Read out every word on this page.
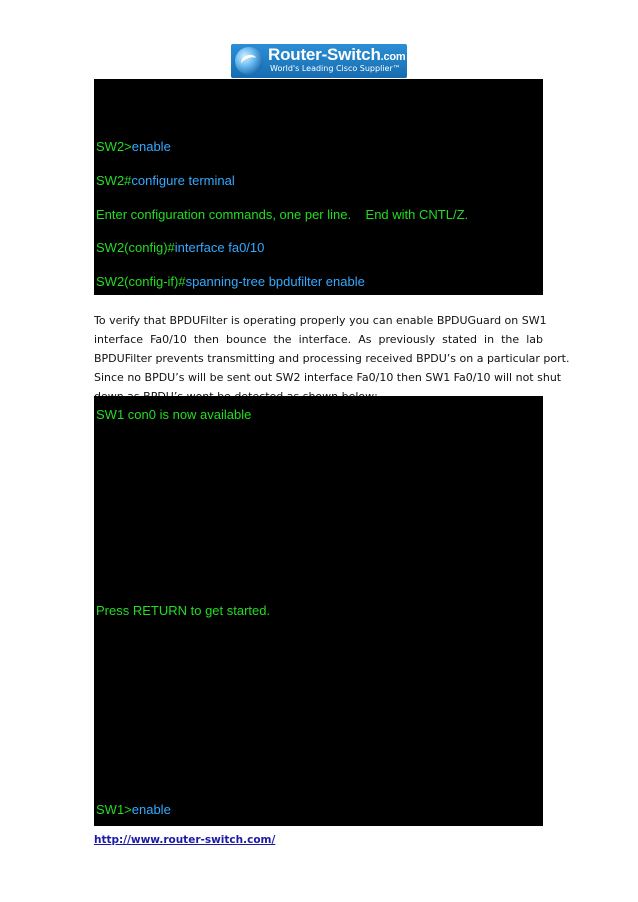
Router-Switch.com
World's Leading Cisco Supplier™
SW2>enable
SW2#configure terminal
Enter configuration commands, one per line.    End with CNTL/Z.
SW2(config)#interface fa0/10
SW2(config-if)#spanning-tree bpdufilter enable
To verify that BPDUFilter is operating properly you can enable BPDUGuard on SW1
interface Fa0/10 then bounce the interface. As previously stated in the lab
BPDUFilter prevents transmitting and processing received BPDU’s on a particular port.
Since no BPDU’s will be sent out SW2 interface Fa0/10 then SW1 Fa0/10 will not shut
SW1 con0 is now available
Press RETURN to get started.
SW1>enable
http://www.router-switch.com/
